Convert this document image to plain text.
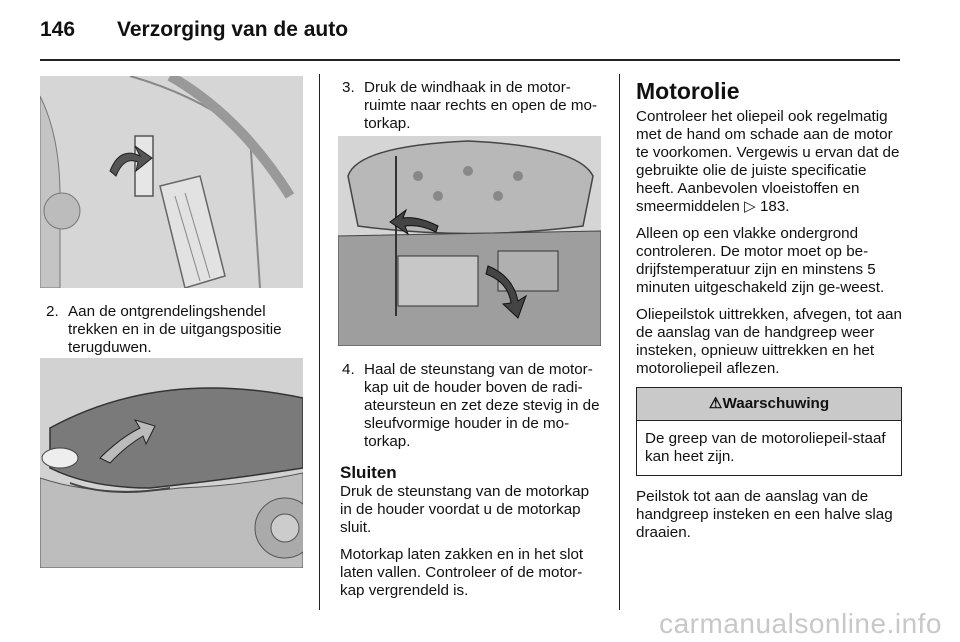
146 Verzorging van de auto

2. Aan de ontgrendelingshendel trekken en in de uitgangspositie terugduwen.

3. Druk de windhaak in de motor-ruimte naar rechts en open de mo-torkap.

4. Haal de steunstang van de motor-kap uit de houder boven de radi-ateursteun en zet deze stevig in de sleufvormige houder in de mo-torkap.

Sluiten

Druk de steunstang van de motorkap in de houder voordat u de motorkap sluit.

Motorkap laten zakken en in het slot laten vallen. Controleer of de motor-kap vergrendeld is.

Motorolie

Controleer het oliepeil ook regelmatig met de hand om schade aan de motor te voorkomen. Vergewis u ervan dat de gebruikte olie de juiste specificatie heeft. Aanbevolen vloeistoffen en smeermiddelen ▷ 183.

Alleen op een vlakke ondergrond controleren. De motor moet op be-drijfstemperatuur zijn en minstens 5 minuten uitgeschakeld zijn ge-weest.

Oliepeilstok uittrekken, afvegen, tot aan de aanslag van de handgreep weer insteken, opnieuw uittrekken en het motoroliepeil aflezen.

⚠Waarschuwing
De greep van de motoroliepeil-staaf kan heet zijn.

Peilstok tot aan de aanslag van de handgreep insteken en een halve slag draaien.

carmanualsonline.info
